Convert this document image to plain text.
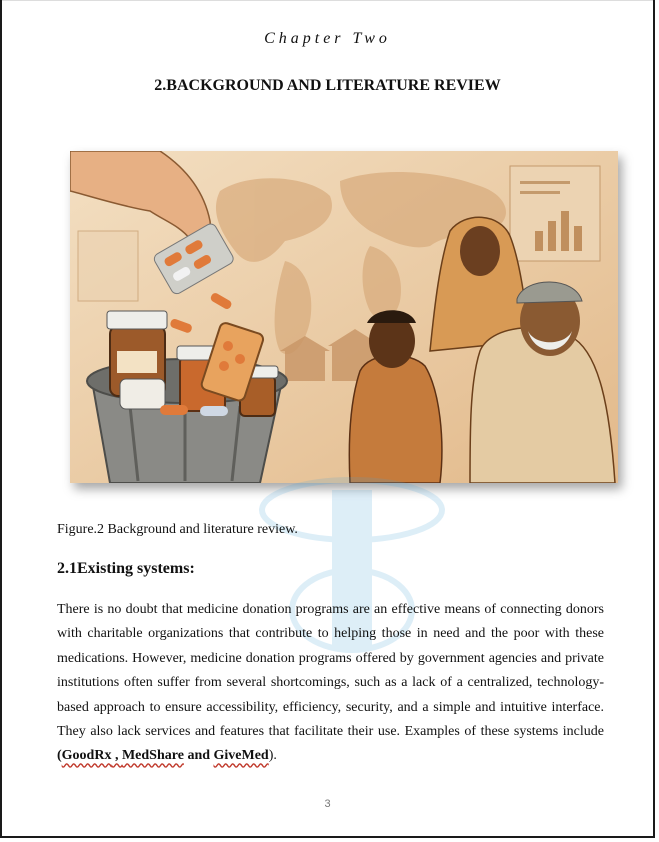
Chapter Two
2.BACKGROUND AND LITERATURE REVIEW
Figure.2 Background and literature review.
2.1Existing systems:
There is no doubt that medicine donation programs are an effective means of connecting donors with charitable organizations that contribute to helping those in need and the poor with these medications. However, medicine donation programs offered by government agencies and private institutions often suffer from several shortcomings, such as a lack of a centralized, technology-based approach to ensure accessibility, efficiency, security, and a simple and intuitive interface. They also lack services and features that facilitate their use. Examples of these systems include (GoodRx , MedShare and GiveMed).
3
